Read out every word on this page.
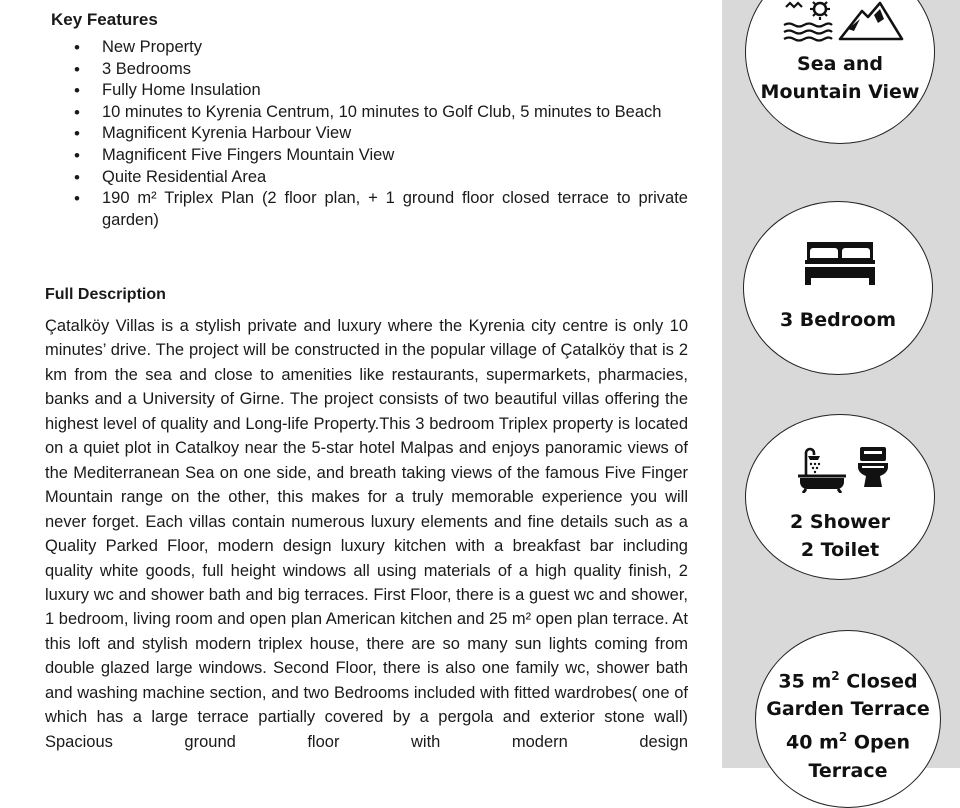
Key Features
• New Property
• 3 Bedrooms
• Fully Home Insulation
• 10 minutes to Kyrenia Centrum, 10 minutes to Golf Club, 5 minutes to Beach
• Magnificent Kyrenia Harbour View
• Magnificent Five Fingers Mountain View
• Quite Residential Area
• 190 m² Triplex Plan (2 floor plan, + 1 ground floor closed terrace to private garden)
Full Description
Çatalköy Villas is a stylish private and luxury where the Kyrenia city centre is only 10 minutes’ drive. The project will be constructed in the popular village of Çatalköy that is 2 km from the sea and close to amenities like restaurants, supermarkets, pharmacies, banks and a University of Girne. The project consists of two beautiful villas offering the highest level of quality and Long-life Property.This 3 bedroom Triplex property is located on a quiet plot in Catalkoy near the 5-star hotel Malpas and enjoys panoramic views of the Mediterranean Sea on one side, and breath taking views of the famous Five Finger Mountain range on the other, this makes for a truly memorable experience you will never forget. Each villas contain numerous luxury elements and fine details such as a Quality Parked Floor, modern design luxury kitchen with a breakfast bar including quality white goods, full height windows all using materials of a high quality finish, 2 luxury wc and shower bath and big terraces. First Floor, there is a guest wc and shower, 1 bedroom, living room and open plan American kitchen and 25 m² open plan terrace. At this loft and stylish modern triplex house, there are so many sun lights coming from double glazed large windows. Second Floor, there is also one family wc, shower bath and washing machine section, and two Bedrooms included with fitted wardrobes( one of which has a large terrace partially covered by a pergola and exterior stone wall) Spacious ground floor with modern design
Sea and
Mountain View
3 Bedroom
2 Shower
2 Toilet
35 $m^2$ Closed
Garden Terrace
40 $m^2$ Open
Terrace
